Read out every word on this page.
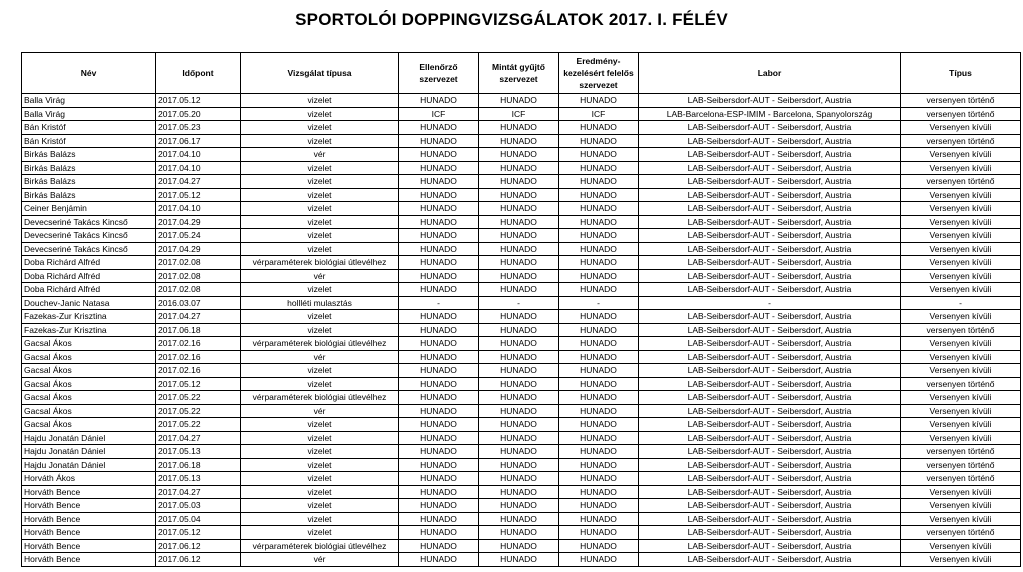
SPORTOLÓI DOPPINGVIZSGÁLATOK 2017. I. FÉLÉV
Név	Időpont	Vizsgálat típusa	Ellenőrző szervezet	Mintát gyűjtő szervezet	Eredmény-kezelésért felelős szervezet	Labor	Típus
Balla Virág	2017.05.12	vizelet	HUNADO	HUNADO	HUNADO	LAB-Seibersdorf-AUT - Seibersdorf, Austria	versenyen történő
Balla Virág	2017.05.20	vizelet	ICF	ICF	ICF	LAB-Barcelona-ESP-IMIM - Barcelona, Spanyolország	versenyen történő
Bán Kristóf	2017.05.23	vizelet	HUNADO	HUNADO	HUNADO	LAB-Seibersdorf-AUT - Seibersdorf, Austria	Versenyen kívüli
Bán Kristóf	2017.06.17	vizelet	HUNADO	HUNADO	HUNADO	LAB-Seibersdorf-AUT - Seibersdorf, Austria	versenyen történő
Birkás Balázs	2017.04.10	vér	HUNADO	HUNADO	HUNADO	LAB-Seibersdorf-AUT - Seibersdorf, Austria	Versenyen kívüli
Birkás Balázs	2017.04.10	vizelet	HUNADO	HUNADO	HUNADO	LAB-Seibersdorf-AUT - Seibersdorf, Austria	Versenyen kívüli
Birkás Balázs	2017.04.27	vizelet	HUNADO	HUNADO	HUNADO	LAB-Seibersdorf-AUT - Seibersdorf, Austria	versenyen történő
Birkás Balázs	2017.05.12	vizelet	HUNADO	HUNADO	HUNADO	LAB-Seibersdorf-AUT - Seibersdorf, Austria	Versenyen kívüli
Ceiner Benjámin	2017.04.10	vizelet	HUNADO	HUNADO	HUNADO	LAB-Seibersdorf-AUT - Seibersdorf, Austria	Versenyen kívüli
Devecseriné Takács Kincső	2017.04.29	vizelet	HUNADO	HUNADO	HUNADO	LAB-Seibersdorf-AUT - Seibersdorf, Austria	Versenyen kívüli
Devecseriné Takács Kincső	2017.05.24	vizelet	HUNADO	HUNADO	HUNADO	LAB-Seibersdorf-AUT - Seibersdorf, Austria	Versenyen kívüli
Devecseriné Takács Kincső	2017.04.29	vizelet	HUNADO	HUNADO	HUNADO	LAB-Seibersdorf-AUT - Seibersdorf, Austria	Versenyen kívüli
Doba Richárd Alfréd	2017.02.08	vérparaméterek biológiai útlevélhez	HUNADO	HUNADO	HUNADO	LAB-Seibersdorf-AUT - Seibersdorf, Austria	Versenyen kívüli
Doba Richárd Alfréd	2017.02.08	vér	HUNADO	HUNADO	HUNADO	LAB-Seibersdorf-AUT - Seibersdorf, Austria	Versenyen kívüli
Doba Richárd Alfréd	2017.02.08	vizelet	HUNADO	HUNADO	HUNADO	LAB-Seibersdorf-AUT - Seibersdorf, Austria	Versenyen kívüli
Douchev-Janic Natasa	2016.03.07	hollléti mulasztás	-	-	-	-	-
Fazekas-Zur Krisztina	2017.04.27	vizelet	HUNADO	HUNADO	HUNADO	LAB-Seibersdorf-AUT - Seibersdorf, Austria	Versenyen kívüli
Fazekas-Zur Krisztina	2017.06.18	vizelet	HUNADO	HUNADO	HUNADO	LAB-Seibersdorf-AUT - Seibersdorf, Austria	versenyen történő
Gacsal Ákos	2017.02.16	vérparaméterek biológiai útlevélhez	HUNADO	HUNADO	HUNADO	LAB-Seibersdorf-AUT - Seibersdorf, Austria	Versenyen kívüli
Gacsal Ákos	2017.02.16	vér	HUNADO	HUNADO	HUNADO	LAB-Seibersdorf-AUT - Seibersdorf, Austria	Versenyen kívüli
Gacsal Ákos	2017.02.16	vizelet	HUNADO	HUNADO	HUNADO	LAB-Seibersdorf-AUT - Seibersdorf, Austria	Versenyen kívüli
Gacsal Ákos	2017.05.12	vizelet	HUNADO	HUNADO	HUNADO	LAB-Seibersdorf-AUT - Seibersdorf, Austria	versenyen történő
Gacsal Ákos	2017.05.22	vérparaméterek biológiai útlevélhez	HUNADO	HUNADO	HUNADO	LAB-Seibersdorf-AUT - Seibersdorf, Austria	Versenyen kívüli
Gacsal Ákos	2017.05.22	vér	HUNADO	HUNADO	HUNADO	LAB-Seibersdorf-AUT - Seibersdorf, Austria	Versenyen kívüli
Gacsal Ákos	2017.05.22	vizelet	HUNADO	HUNADO	HUNADO	LAB-Seibersdorf-AUT - Seibersdorf, Austria	Versenyen kívüli
Hajdu Jonatán Dániel	2017.04.27	vizelet	HUNADO	HUNADO	HUNADO	LAB-Seibersdorf-AUT - Seibersdorf, Austria	Versenyen kívüli
Hajdu Jonatán Dániel	2017.05.13	vizelet	HUNADO	HUNADO	HUNADO	LAB-Seibersdorf-AUT - Seibersdorf, Austria	versenyen történő
Hajdu Jonatán Dániel	2017.06.18	vizelet	HUNADO	HUNADO	HUNADO	LAB-Seibersdorf-AUT - Seibersdorf, Austria	versenyen történő
Horváth Ákos	2017.05.13	vizelet	HUNADO	HUNADO	HUNADO	LAB-Seibersdorf-AUT - Seibersdorf, Austria	versenyen történő
Horváth Bence	2017.04.27	vizelet	HUNADO	HUNADO	HUNADO	LAB-Seibersdorf-AUT - Seibersdorf, Austria	Versenyen kívüli
Horváth Bence	2017.05.03	vizelet	HUNADO	HUNADO	HUNADO	LAB-Seibersdorf-AUT - Seibersdorf, Austria	Versenyen kívüli
Horváth Bence	2017.05.04	vizelet	HUNADO	HUNADO	HUNADO	LAB-Seibersdorf-AUT - Seibersdorf, Austria	Versenyen kívüli
Horváth Bence	2017.05.12	vizelet	HUNADO	HUNADO	HUNADO	LAB-Seibersdorf-AUT - Seibersdorf, Austria	versenyen történő
Horváth Bence	2017.06.12	vérparaméterek biológiai útlevélhez	HUNADO	HUNADO	HUNADO	LAB-Seibersdorf-AUT - Seibersdorf, Austria	Versenyen kívüli
Horváth Bence	2017.06.12	vér	HUNADO	HUNADO	HUNADO	LAB-Seibersdorf-AUT - Seibersdorf, Austria	Versenyen kívüli
